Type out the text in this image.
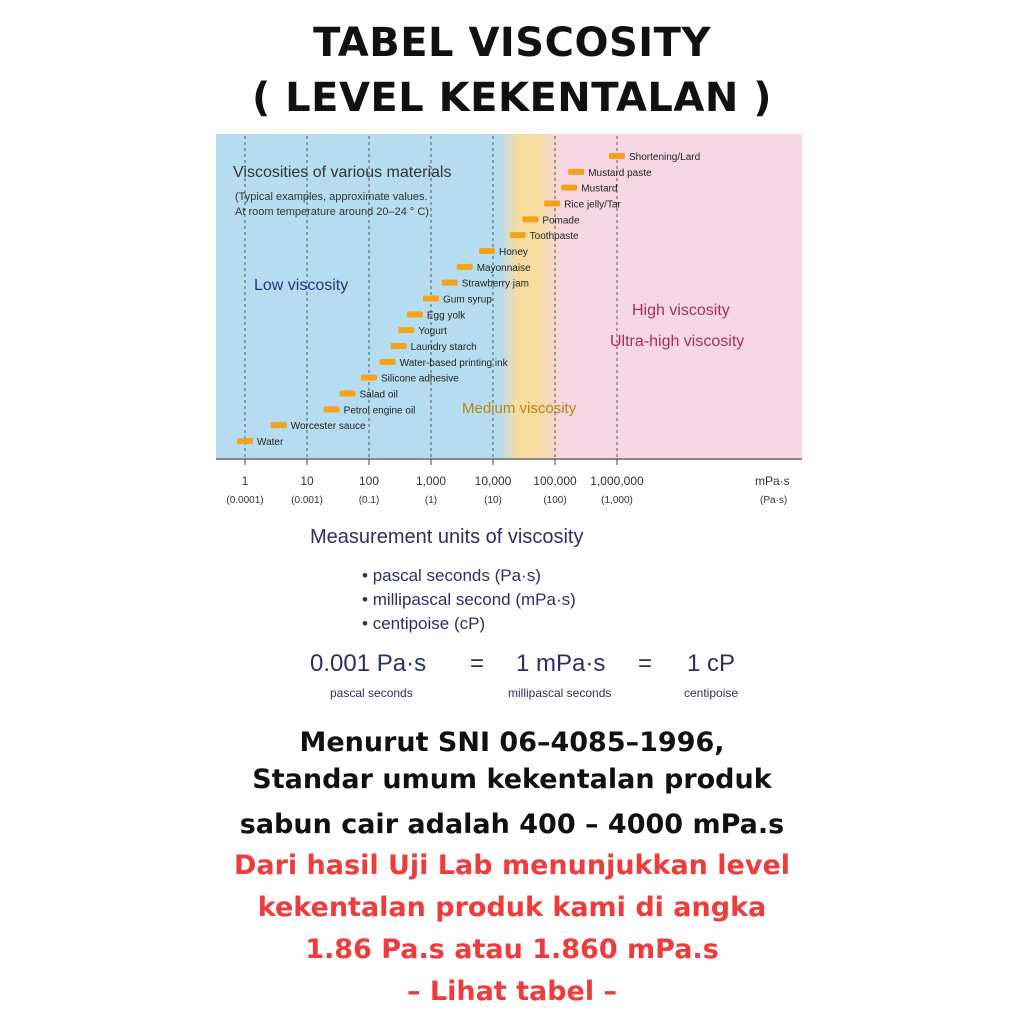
TABEL VISCOSITY
( LEVEL KEKENTALAN )
1
(0.0001)
10
(0.001)
100
(0.1)
1,000
(1)
10,000
(10)
100,000
(100)
1,000,000
(1,000)
Viscosities of various materials
(Typical examples, approximate values.
At room temperature around 20–24 ° C)
Low viscosity
Medium viscosity
High viscosity
Ultra-high viscosity
Water
Worcester sauce
Petrol engine oil
Salad oil
Silicone adhesive
Water-based printing ink
Laundry starch
Yogurt
Egg yolk
Gum syrup
Strawberry jam
Mayonnaise
Honey
Toothpaste
Pomade
Rice jelly/Tar
Mustard
Mustard paste
Shortening/Lard
mPa·s
(Pa·s)
Measurement units of viscosity
• pascal seconds (Pa·s)
• millipascal second (mPa·s)
• centipoise (cP)
0.001 Pa·s = 1 mPa·s = 1 cP
pascal seconds	millipascal seconds	centipoise
Menurut SNI 06–4085–1996,
Standar umum kekentalan produk
sabun cair adalah 400 – 4000 mPa.s
Dari hasil Uji Lab menunjukkan level
kekentalan produk kami di angka
1.86 Pa.s atau 1.860 mPa.s
– Lihat tabel –
